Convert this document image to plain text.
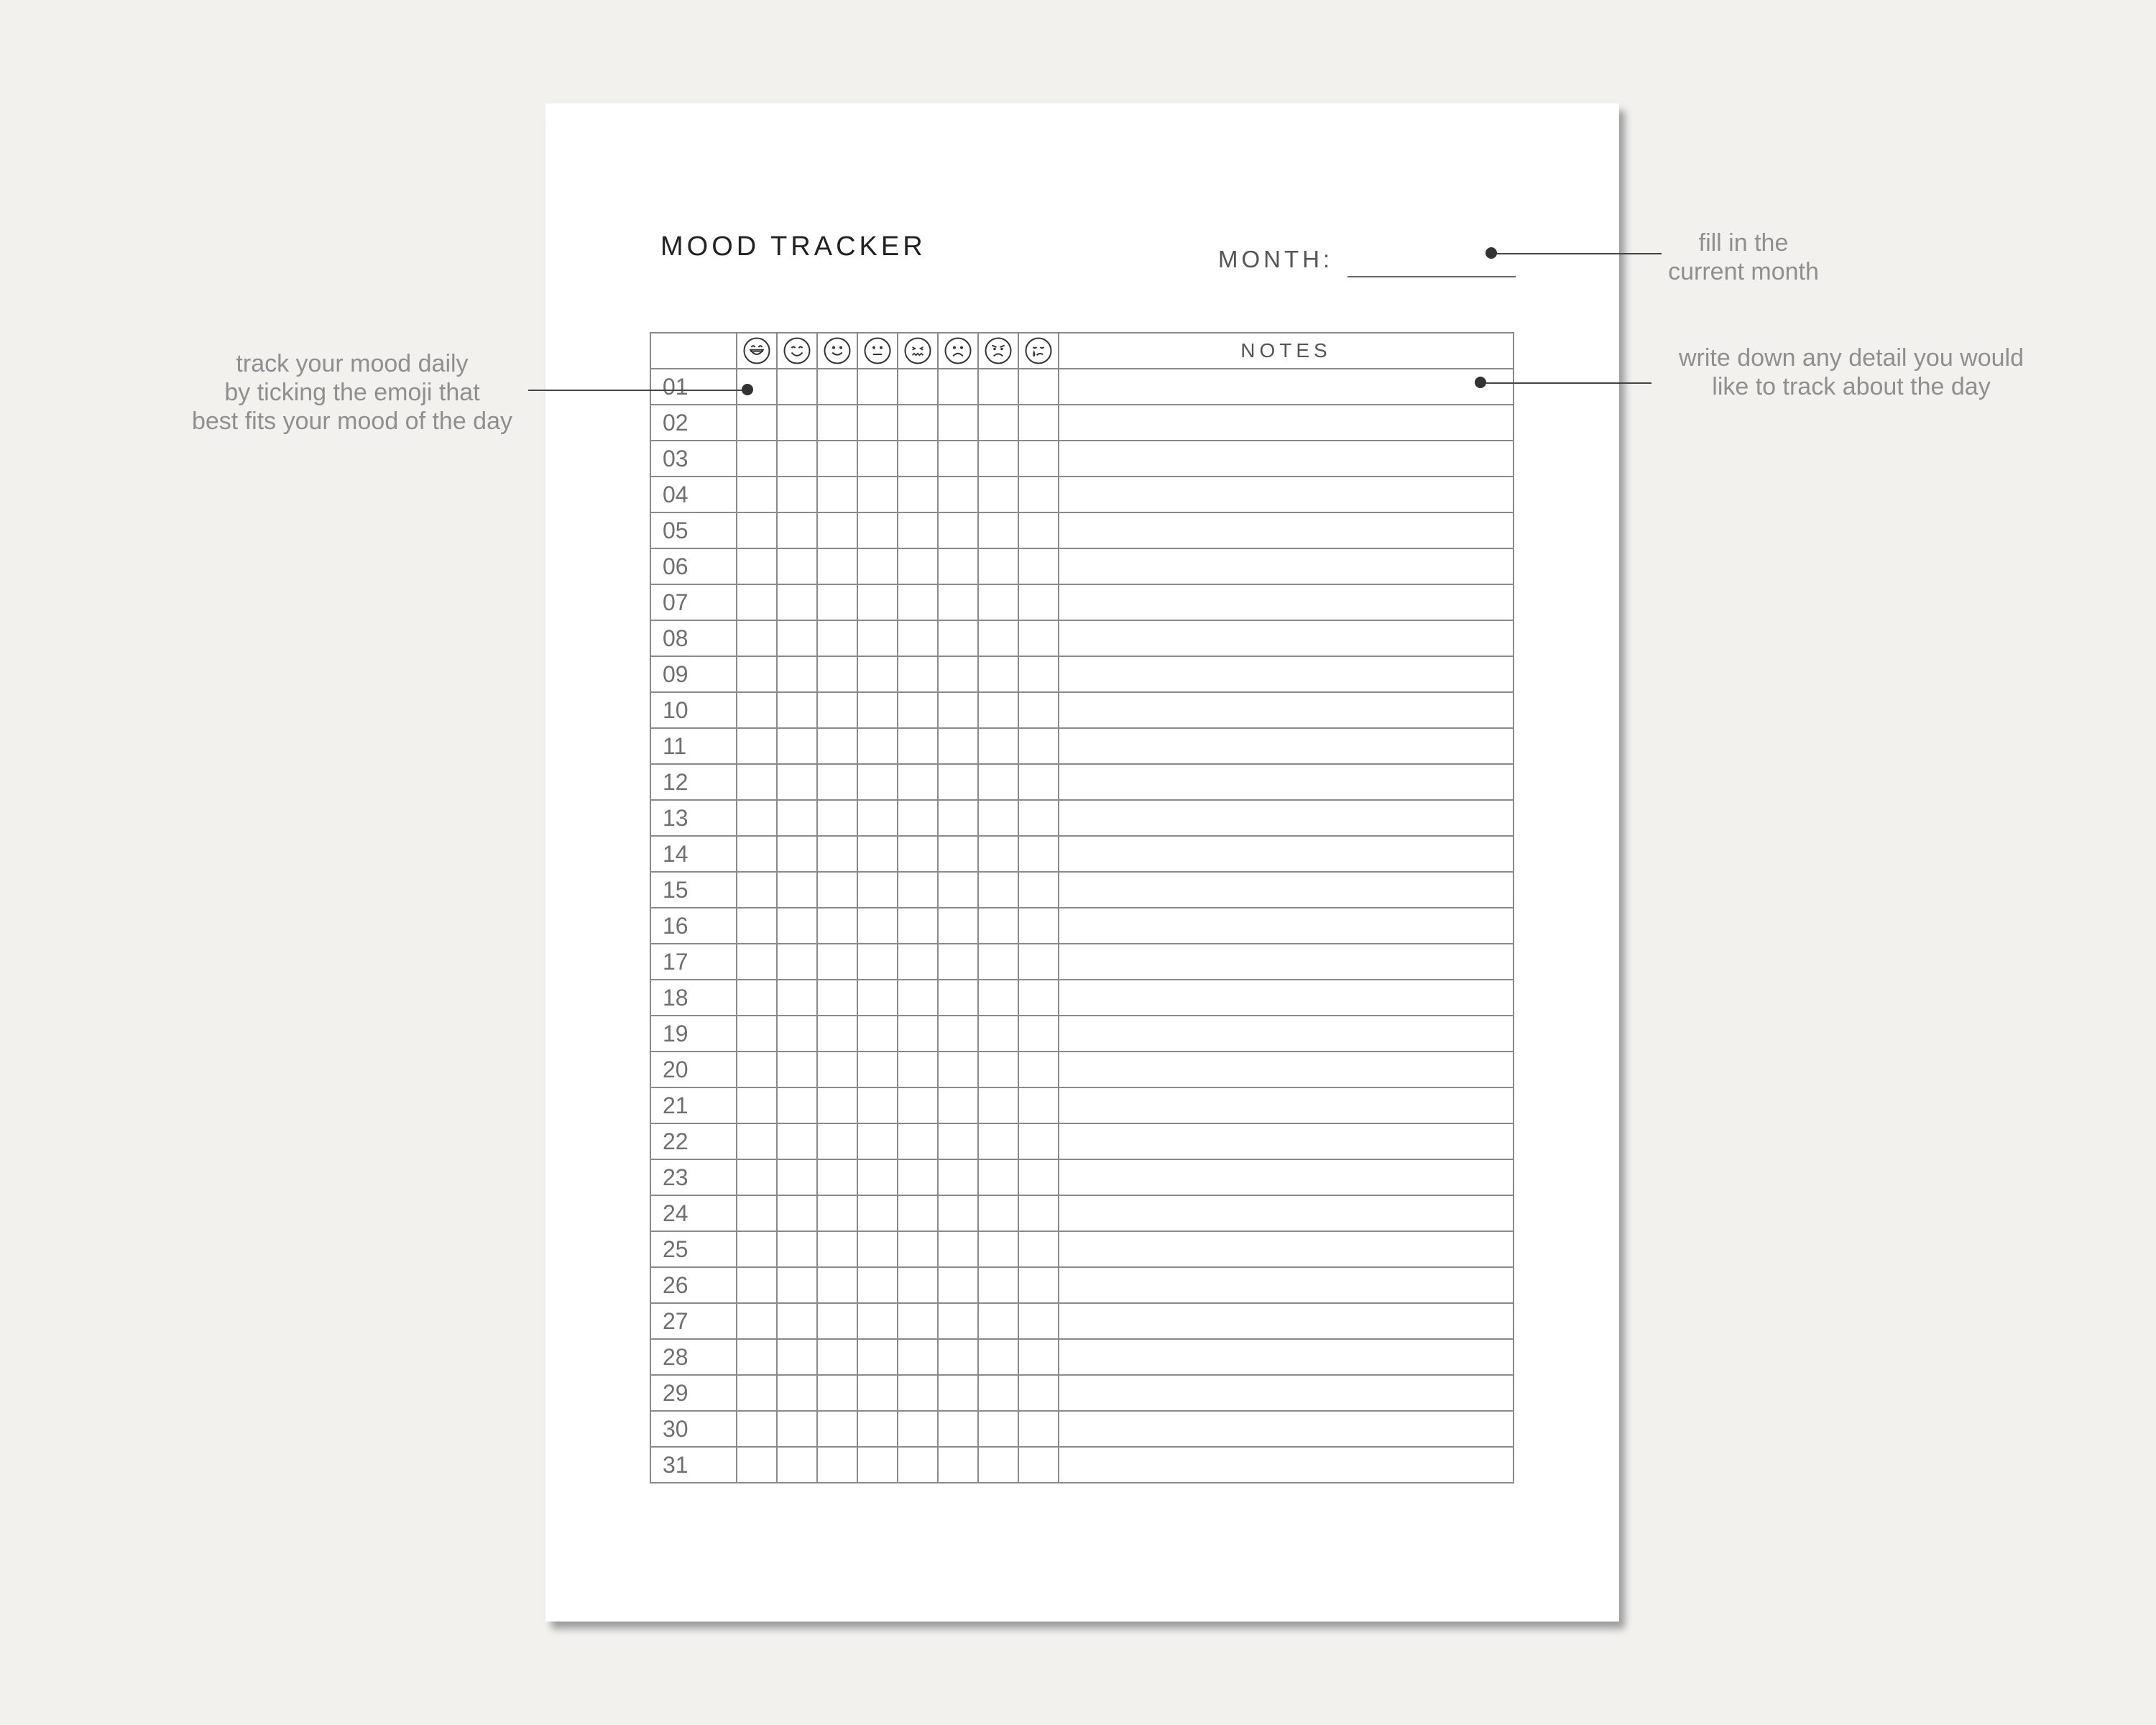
MOOD TRACKER	MONTH:

	NOTES
01									
02									
03									
04									
05									
06									
07									
08									
09									
10									
11									
12									
13									
14									
15									
16									
17									
18									
19									
20									
21									
22									
23									
24									
25									
26									
27									
28									
29									
30									
31									
fill in the
current month
track your mood daily
by ticking the emoji that
best fits your mood of the day
write down any detail you would
like to track about the day
